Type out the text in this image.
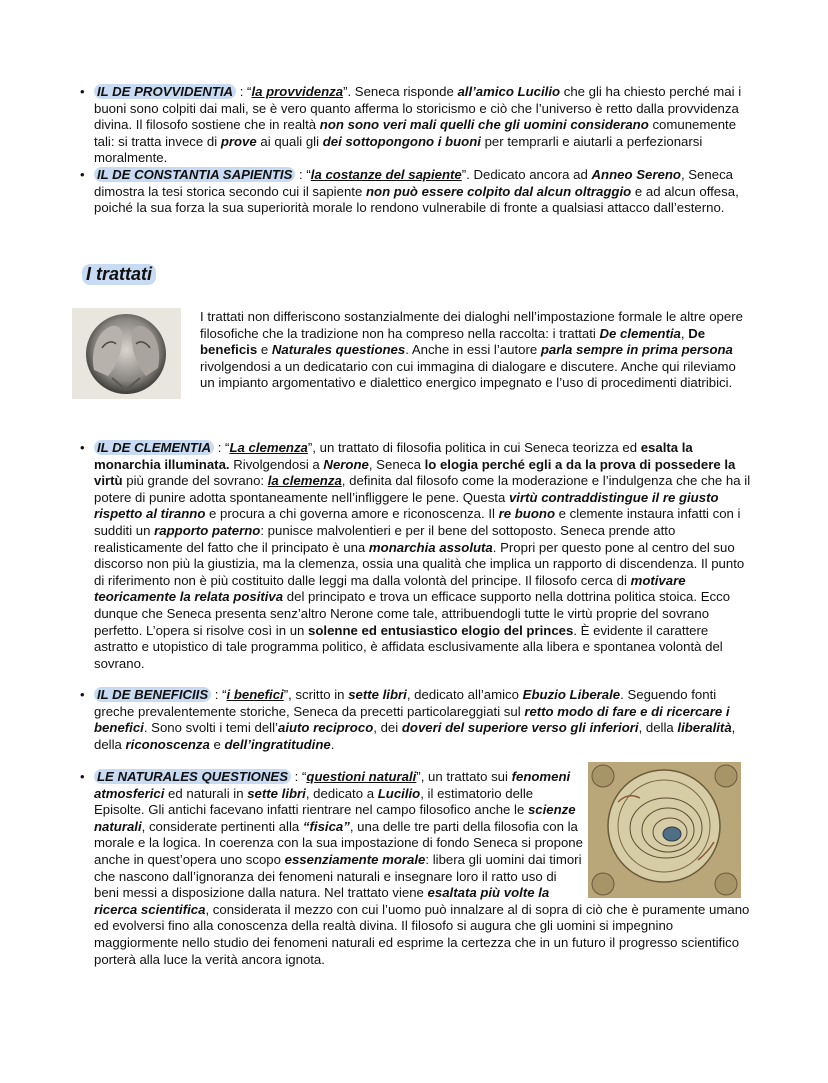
• IL DE PROVVIDENTIA : “la provvidenza”. Seneca risponde all’amico Lucilio che gli ha chiesto perché mai i buoni sono colpiti dai mali, se è vero quanto afferma lo storicismo e ciò che l’universo è retto dalla provvidenza divina. Il filosofo sostiene che in realtà non sono veri mali quelli che gli uomini considerano comunemente tali: si tratta invece di prove ai quali gli dei sottopongono i buoni per temprarli e aiutarli a perfezionarsi moralmente.

• IL DE CONSTANTIA SAPIENTIS : “la costanze del sapiente”. Dedicato ancora ad Anneo Sereno, Seneca dimostra la tesi storica secondo cui il sapiente non può essere colpito dal alcun oltraggio e ad alcun offesa, poiché la sua forza la sua superiorità morale lo rendono vulnerabile di fronte a qualsiasi attacco dall’esterno.

I trattati

I trattati non differiscono sostanzialmente dei dialoghi nell’impostazione formale le altre opere filosofiche che la tradizione non ha compreso nella raccolta: i trattati De clementia, De beneficis e Naturales questiones. Anche in essi l’autore parla sempre in prima persona rivolgendosi a un dedicatario con cui immagina di dialogare e discutere. Anche qui rileviamo un impianto argomentativo e dialettico energico impegnato e l’uso di procedimenti diatribici.

• IL DE CLEMENTIA : “La clemenza”, un trattato di filosofia politica in cui Seneca teorizza ed esalta la monarchia illuminata. Rivolgendosi a Nerone, Seneca lo elogia perché egli a da la prova di possedere la virtù più grande del sovrano: la clemenza, definita dal filosofo come la moderazione e l’indulgenza che che ha il potere di punire adotta spontaneamente nell’infliggere le pene. Questa virtù contraddistingue il re giusto rispetto al tiranno e procura a chi governa amore e riconoscenza. Il re buono e clemente instaura infatti con i sudditi un rapporto paterno: punisce malvolentieri e per il bene del sottoposto. Seneca prende atto realisticamente del fatto che il principato è una monarchia assoluta. Propri per questo pone al centro del suo discorso non più la giustizia, ma la clemenza, ossia una qualità che implica un rapporto di discendenza. Il punto di riferimento non è più costituito dalle leggi ma dalla volontà del principe. Il filosofo cerca di motivare teoricamente la relata positiva del principato e trova un efficace supporto nella dottrina politica stoica. Ecco dunque che Seneca presenta senz’altro Nerone come tale, attribuendogli tutte le virtù proprie del sovrano perfetto. L’opera si risolve così in un solenne ed entusiastico elogio del princes. È evidente il carattere astratto e utopistico di tale programma politico, è affidata esclusivamente alla libera e spontanea volontà del sovrano.

• IL DE BENEFICIIS : “i benefici”, scritto in sette libri, dedicato all’amico Ebuzio Liberale. Seguendo fonti greche prevalentemente storiche, Seneca da precetti particolareggiati sul retto modo di fare e di ricercare i benefici. Sono svolti i temi dell’aiuto reciproco, dei doveri del superiore verso gli inferiori, della liberalità, della riconoscenza e dell’ingratitudine.

• LE NATURALES QUESTIONES : “questioni naturali”, un trattato sui fenomeni atmosferici ed naturali in sette libri, dedicato a Lucilio, il estimatorio delle Episolte. Gli antichi facevano infatti rientrare nel campo filosofico anche le scienze naturali, considerate pertinenti alla “fisica”, una delle tre parti della filosofia con la morale e la logica. In coerenza con la sua impostazione di fondo Seneca si propone anche in quest’opera uno scopo essenziamente morale: libera gli uomini dai timori che nascono dall’ignoranza dei fenomeni naturali e insegnare loro il ratto uso di beni messi a disposizione dalla natura. Nel trattato viene esaltata più volte la ricerca scientifica, considerata il mezzo con cui l’uomo può innalzare al di sopra di ciò che è puramente umano ed evolversi fino alla conoscenza della realtà divina. Il filosofo si augura che gli uomini si impegnino maggiormente nello studio dei fenomeni naturali ed esprime la certezza che in un futuro il progresso scientifico porterà alla luce la verità ancora ignota.
